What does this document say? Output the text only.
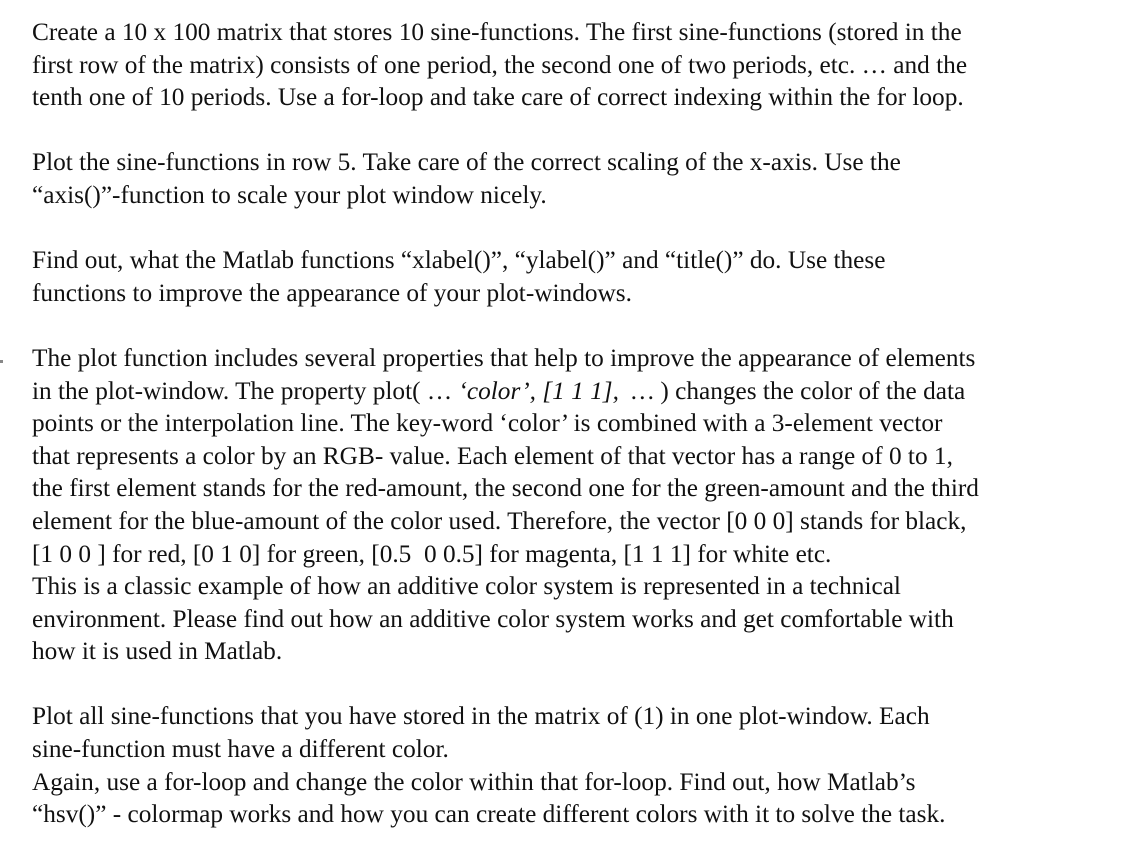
Create a 10 x 100 matrix that stores 10 sine-functions. The first sine-functions (stored in the
first row of the matrix) consists of one period, the second one of two periods, etc. … and the
tenth one of 10 periods. Use a for-loop and take care of correct indexing within the for loop.
Plot the sine-functions in row 5. Take care of the correct scaling of the x-axis. Use the
“axis()”-function to scale your plot window nicely.
Find out, what the Matlab functions “xlabel()”, “ylabel()” and “title()” do. Use these
functions to improve the appearance of your plot-windows.
The plot function includes several properties that help to improve the appearance of elements
in the plot-window. The property plot( … ‘color’, [1 1 1],  … ) changes the color of the data
points or the interpolation line. The key-word ‘color’ is combined with a 3-element vector
that represents a color by an RGB- value. Each element of that vector has a range of 0 to 1,
the first element stands for the red-amount, the second one for the green-amount and the third
element for the blue-amount of the color used. Therefore, the vector [0 0 0] stands for black,
[1 0 0 ] for red, [0 1 0] for green, [0.5  0 0.5] for magenta, [1 1 1] for white etc.
This is a classic example of how an additive color system is represented in a technical
environment. Please find out how an additive color system works and get comfortable with
how it is used in Matlab.
Plot all sine-functions that you have stored in the matrix of (1) in one plot-window. Each
sine-function must have a different color.
Again, use a for-loop and change the color within that for-loop. Find out, how Matlab’s
“hsv()” - colormap works and how you can create different colors with it to solve the task.
